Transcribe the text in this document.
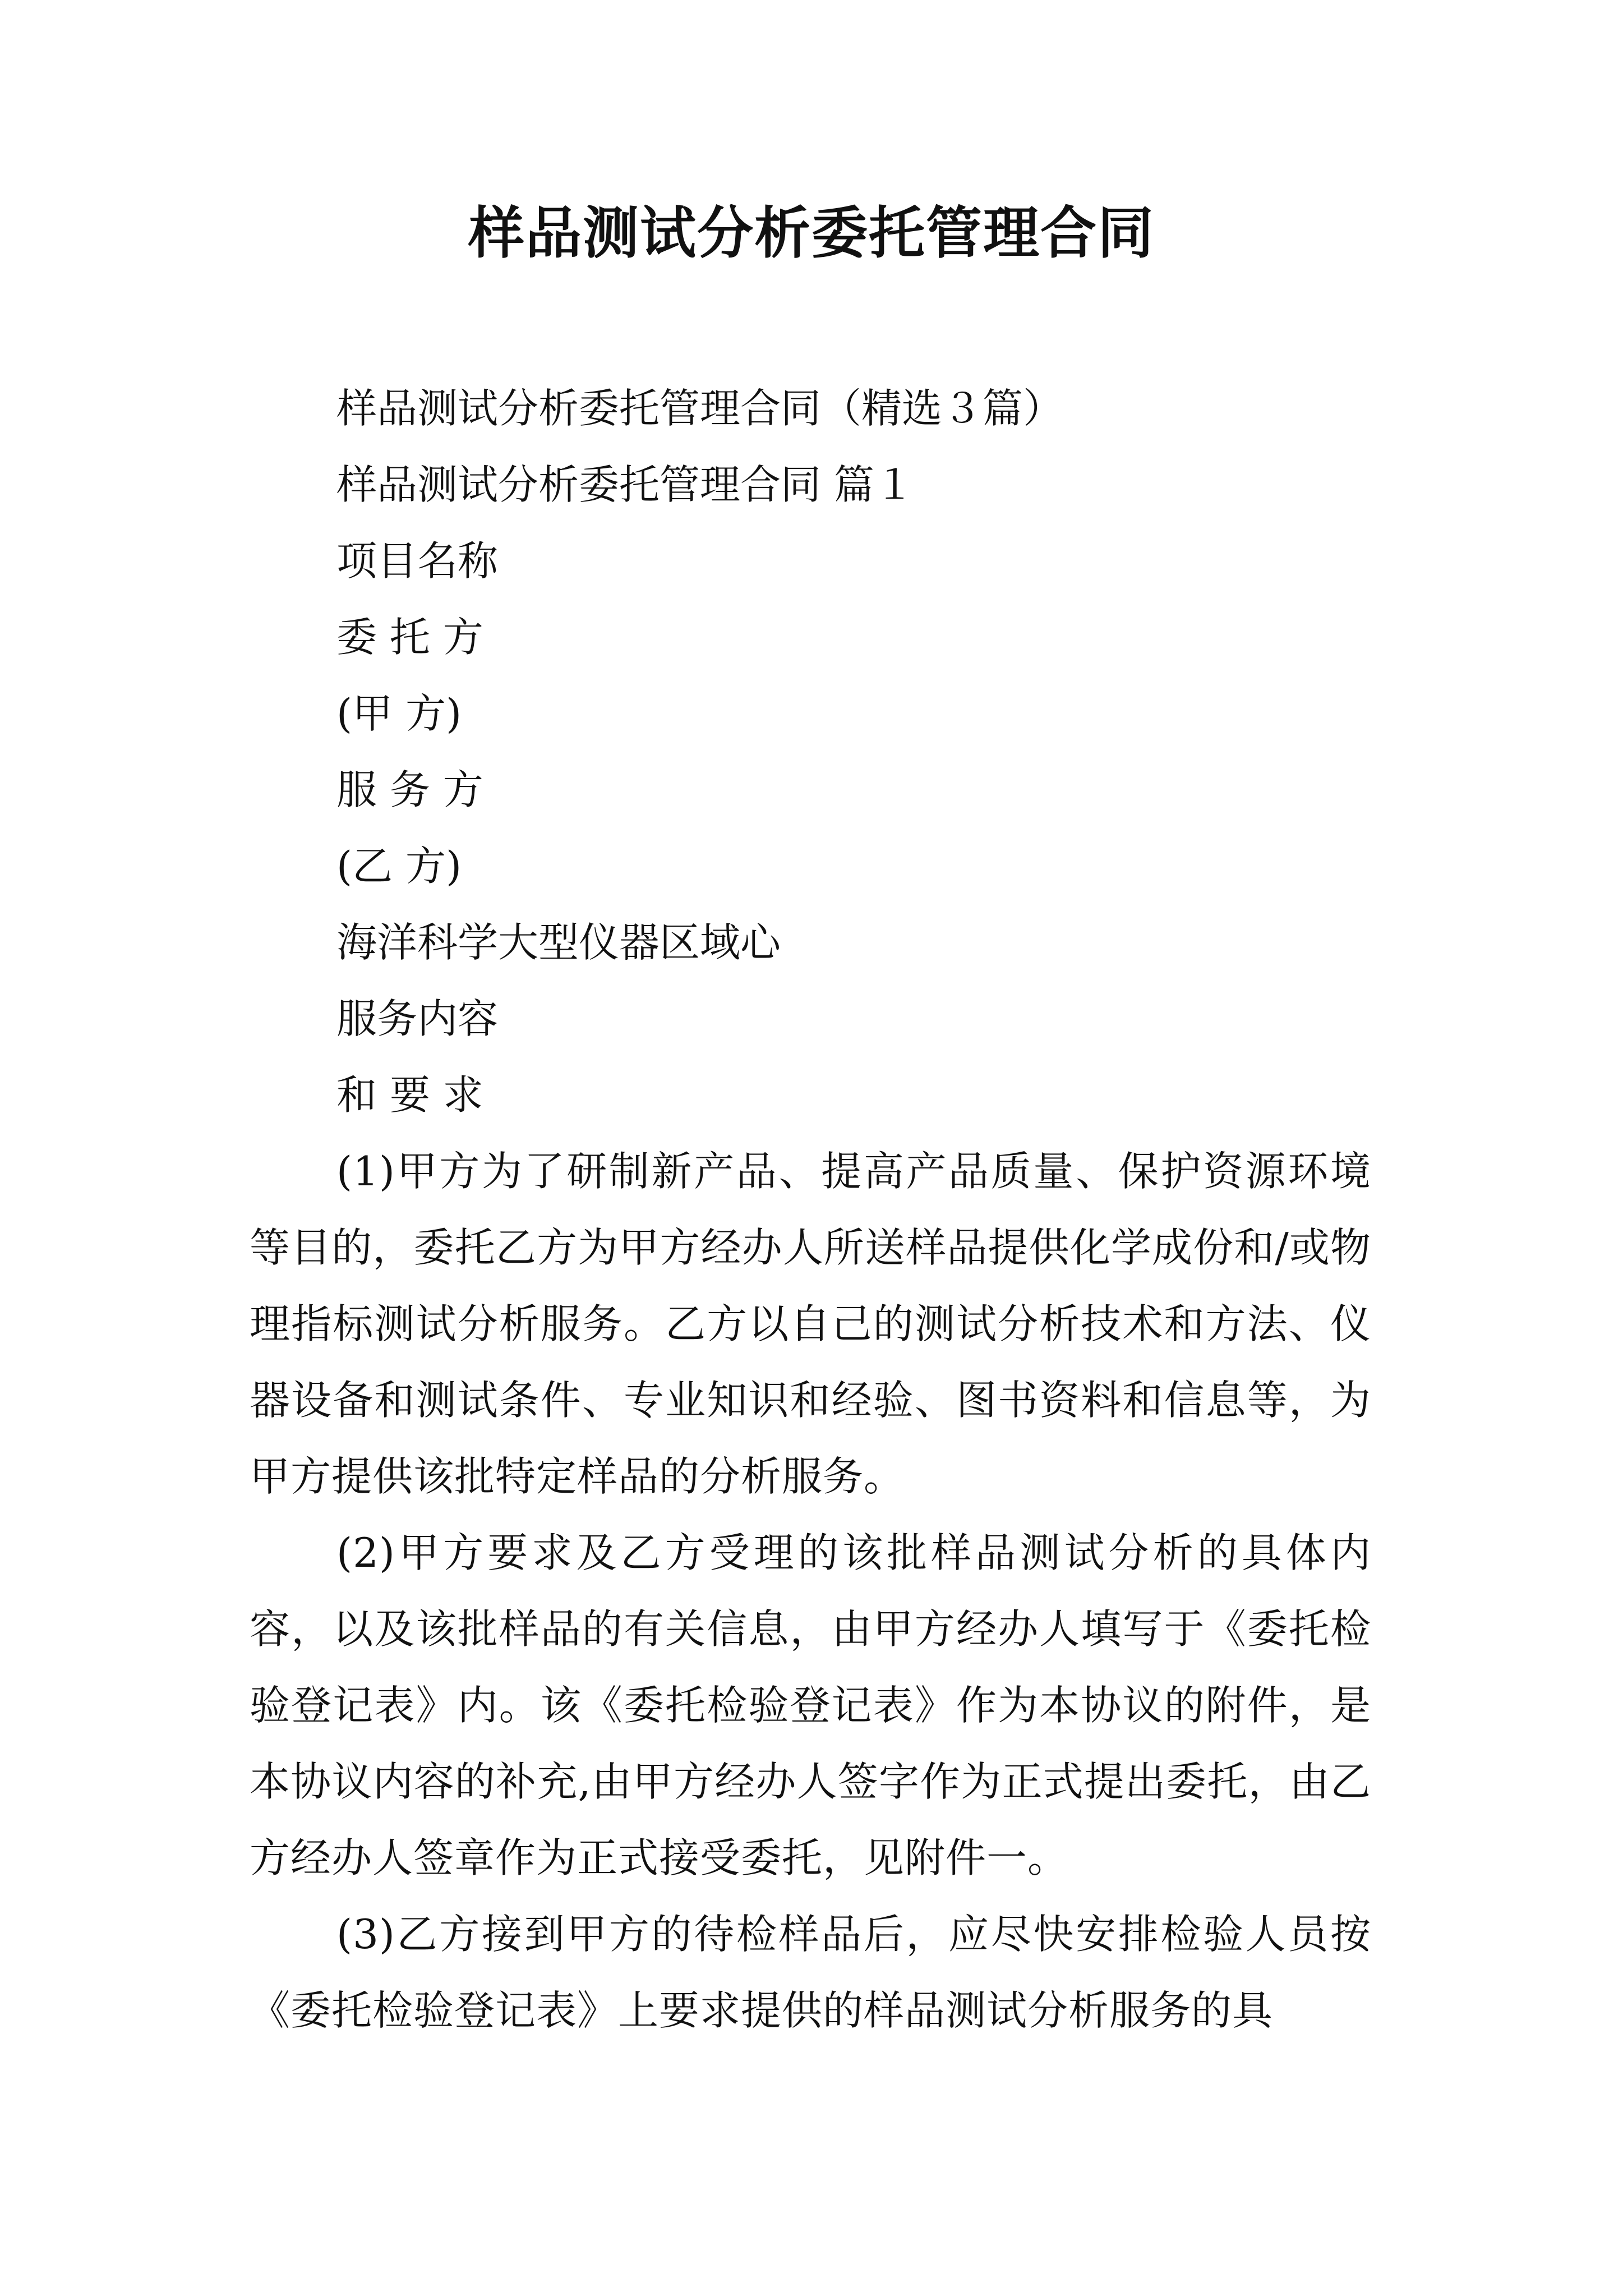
样品测试分析委托管理合同

样品测试分析委托管理合同（精选３篇）

样品测试分析委托管理合同 篇１

项目名称

委 托 方

(甲 方)

服 务 方

(乙 方)

海洋科学大型仪器区域心

服务内容

和 要 求

(1)甲方为了研制新产品、提高产品质量、保护资源环境等目的，委托乙方为甲方经办人所送样品提供化学成份和/或物理指标测试分析服务。乙方以自己的测试分析技术和方法、仪器设备和测试条件、专业知识和经验、图书资料和信息等，为甲方提供该批特定样品的分析服务。

(2)甲方要求及乙方受理的该批样品测试分析的具体内容，以及该批样品的有关信息，由甲方经办人填写于《委托检验登记表》内。该《委托检验登记表》作为本协议的附件，是本协议内容的补充,由甲方经办人签字作为正式提出委托，由乙方经办人签章作为正式接受委托，见附件一。

(3)乙方接到甲方的待检样品后，应尽快安排检验人员按《委托检验登记表》上要求提供的样品测试分析服务的具
